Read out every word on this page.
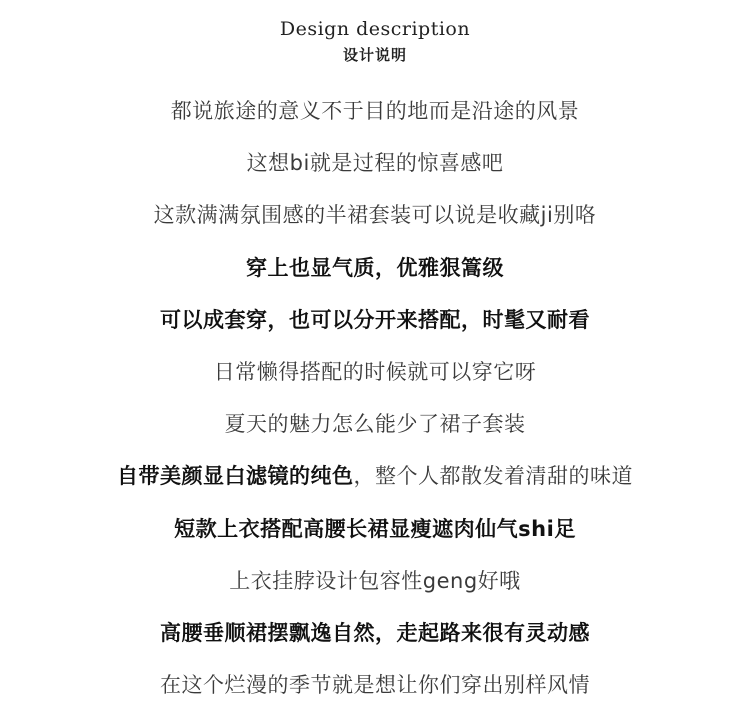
Design description
设计说明
都说旅途的意义不于目的地而是沿途的风景
这想bi就是过程的惊喜感吧
这款满满氛围感的半裙套装可以说是收藏ji别咯
穿上也显气质，优雅狠篙级
可以成套穿，也可以分开来搭配，时髦又耐看
日常懒得搭配的时候就可以穿它呀
夏天的魅力怎么能少了裙子套装
自带美颜显白滤镜的纯色，整个人都散发着清甜的味道
短款上衣搭配高腰长裙显瘦遮肉仙气shi足
上衣挂脖设计包容性geng好哦
高腰垂顺裙摆飘逸自然，走起路来很有灵动感
在这个烂漫的季节就是想让你们穿出别样风情
